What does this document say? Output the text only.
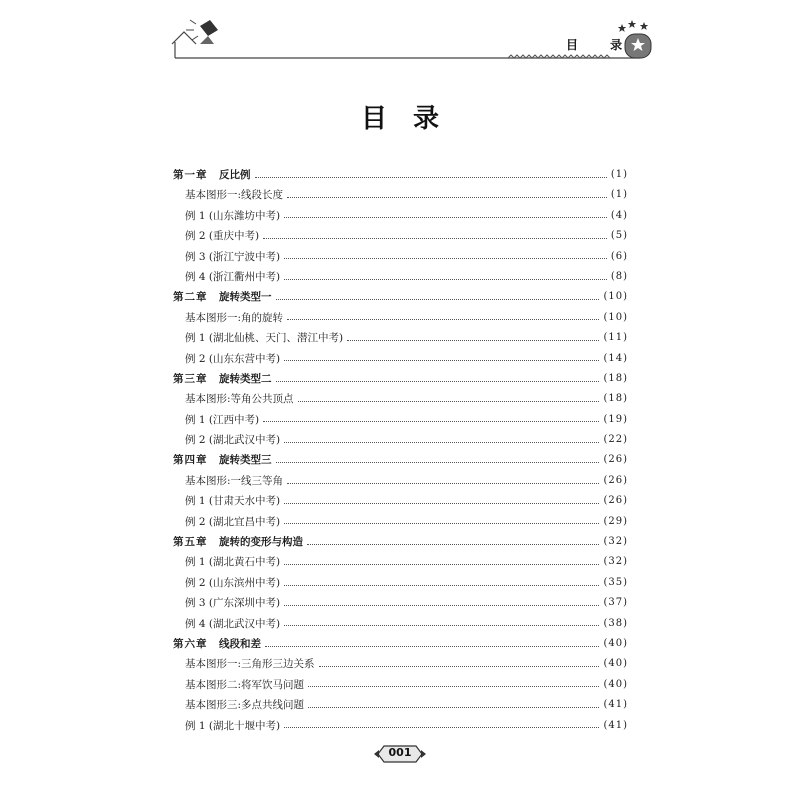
目 录
目录
第一章	反比例	(1)
基本图形一:线段长度	(1)
例 1 (山东潍坊中考)	(4)
例 2 (重庆中考)	(5)
例 3 (浙江宁波中考)	(6)
例 4 (浙江衢州中考)	(8)
第二章	旋转类型一	(10)
基本图形一:角的旋转	(10)
例 1 (湖北仙桃、天门、潜江中考)	(11)
例 2 (山东东营中考)	(14)
第三章	旋转类型二	(18)
基本图形:等角公共顶点	(18)
例 1 (江西中考)	(19)
例 2 (湖北武汉中考)	(22)
第四章	旋转类型三	(26)
基本图形:一线三等角	(26)
例 1 (甘肃天水中考)	(26)
例 2 (湖北宜昌中考)	(29)
第五章	旋转的变形与构造	(32)
例 1 (湖北黄石中考)	(32)
例 2 (山东滨州中考)	(35)
例 3 (广东深圳中考)	(37)
例 4 (湖北武汉中考)	(38)
第六章	线段和差	(40)
基本图形一:三角形三边关系	(40)
基本图形二:将军饮马问题	(40)
基本图形三:多点共线问题	(41)
例 1 (湖北十堰中考)	(41)
001
